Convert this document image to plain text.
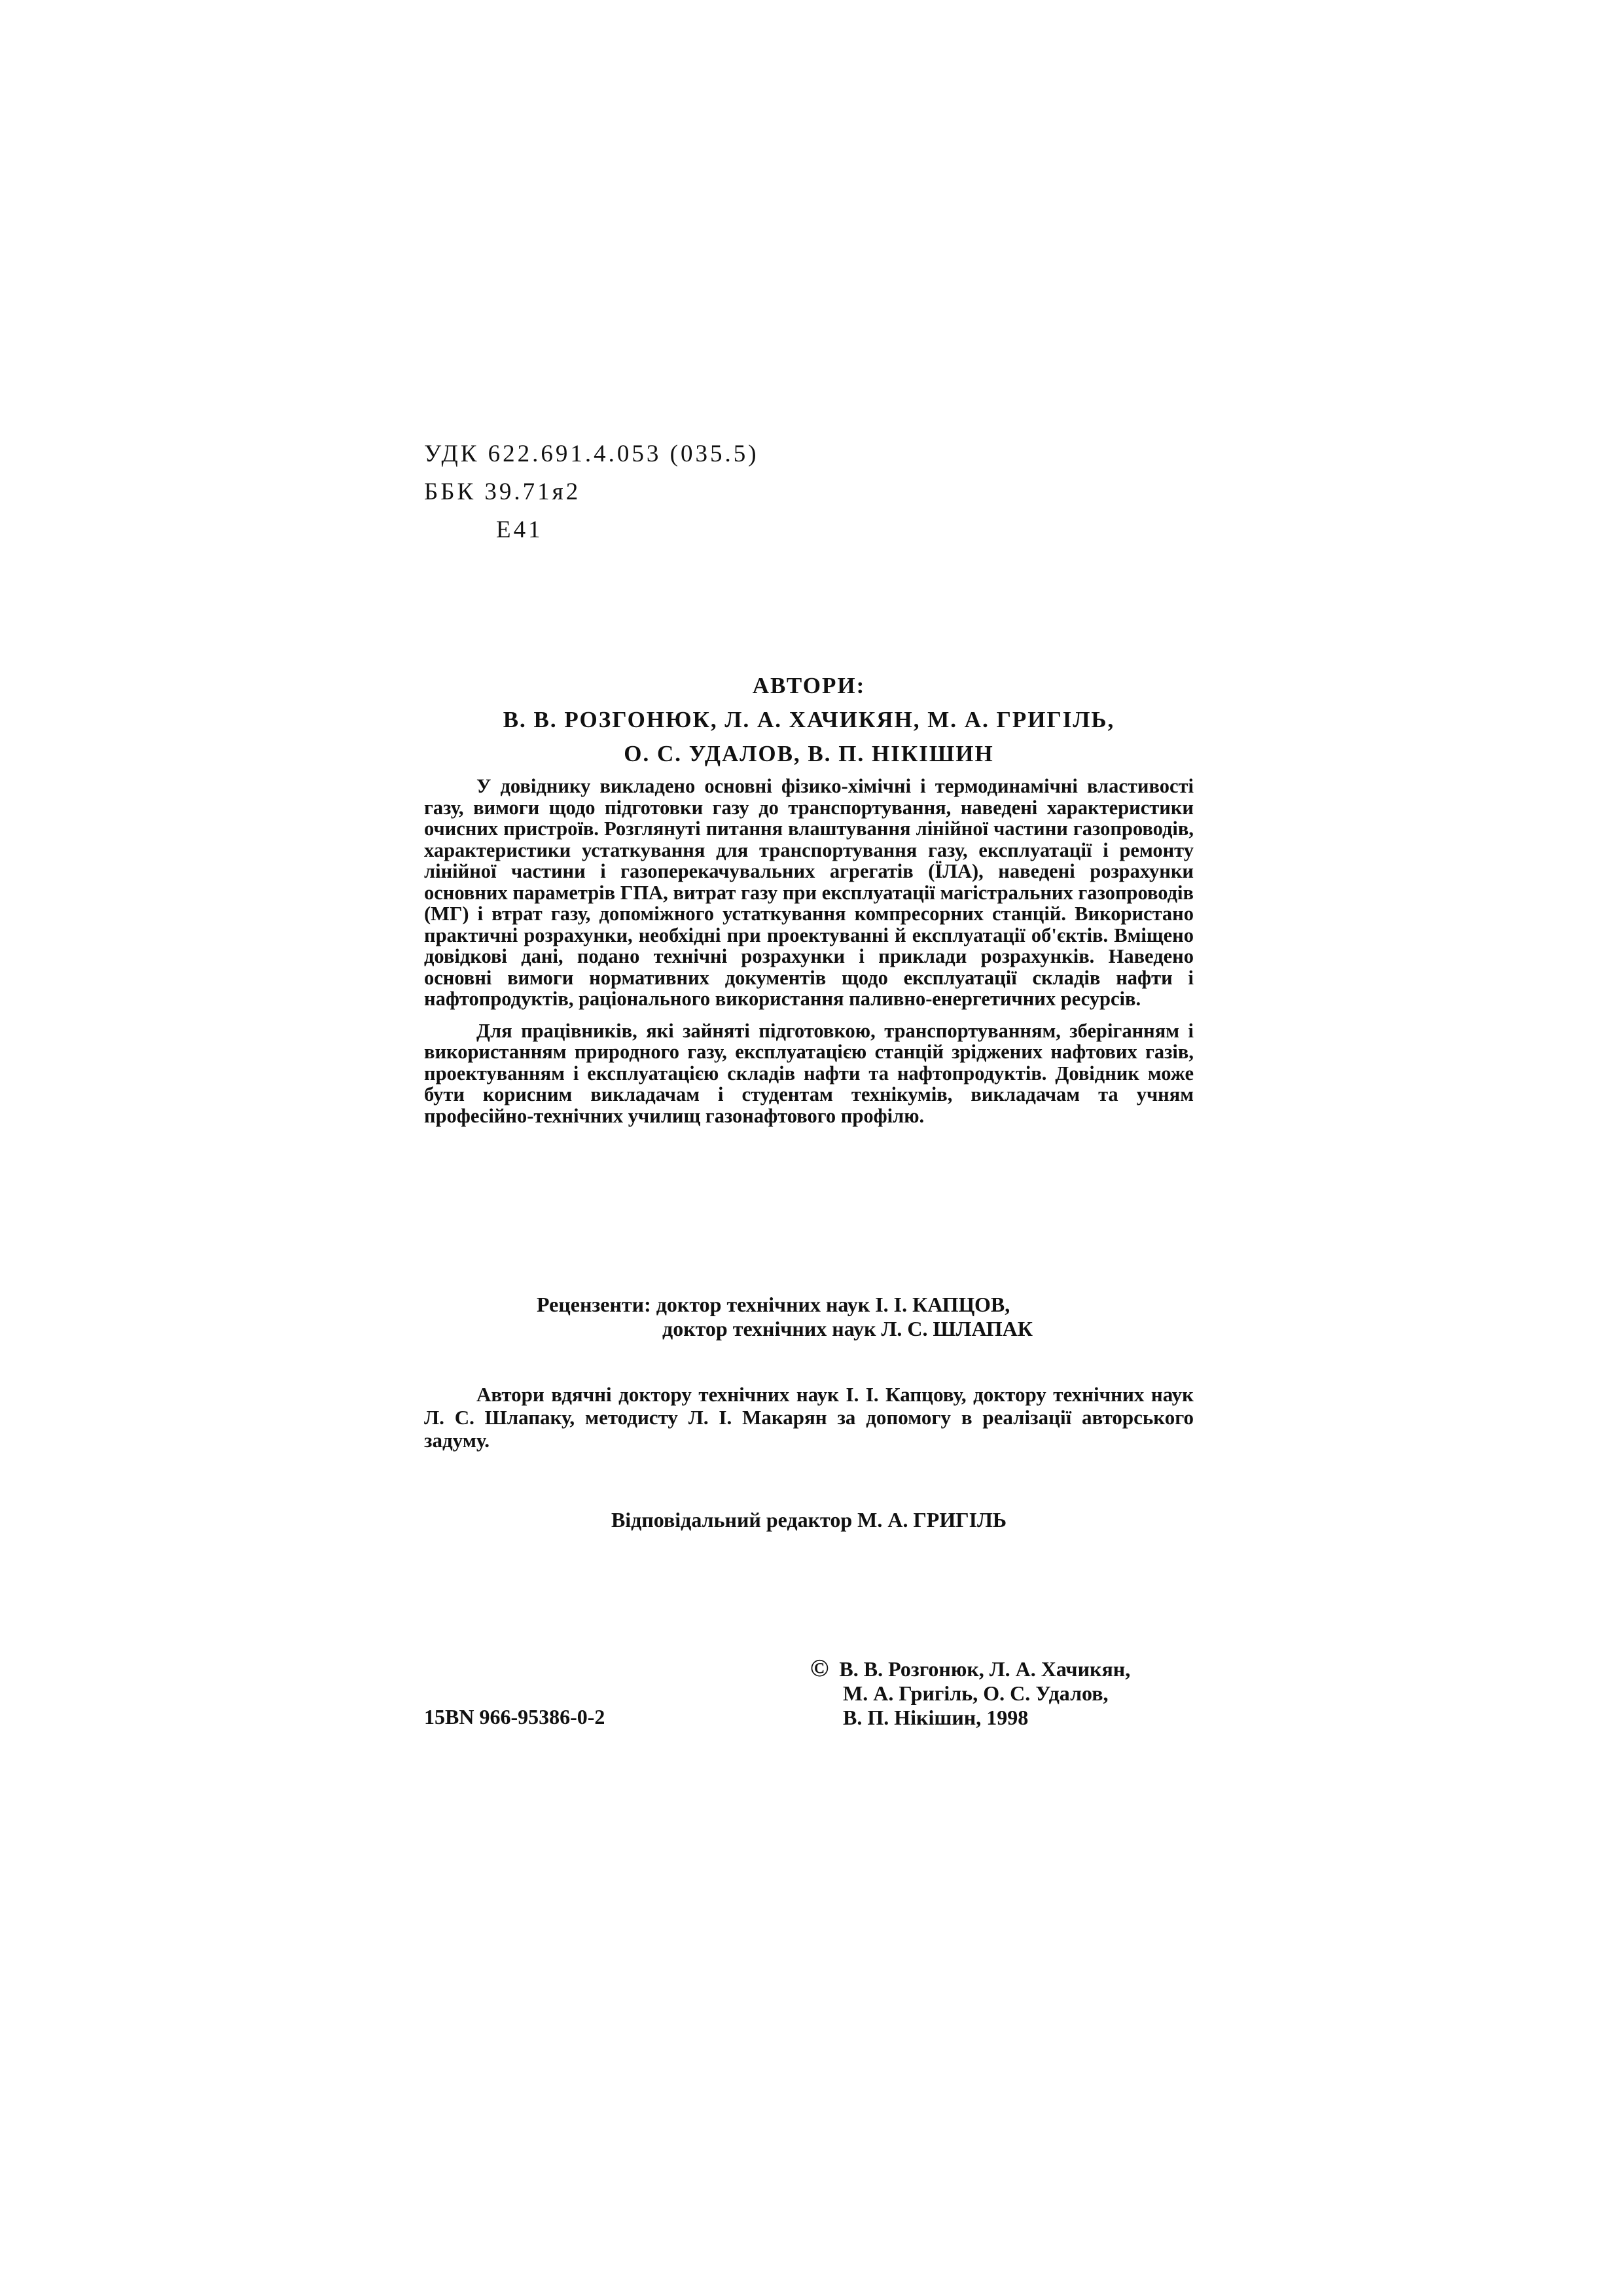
УДК 622.691.4.053 (035.5)
ББК 39.71я2
Е41
АВТОРИ:
В. В. РОЗГОНЮК, Л. А. ХАЧИКЯН, М. А. ГРИГІЛЬ,
О. С. УДАЛОВ, В. П. НІКІШИН

У довіднику викладено основні фізико-хімічні і термодинамічні властивості газу, вимоги щодо підготовки газу до транспортування, наведені характеристики очисних пристроїв. Розглянуті питання влаштування лінійної частини газопроводів, характеристики устаткування для транспортування газу, експлуатації і ремонту лінійної частини і газоперекачувальних агрегатів (ЇЛА), наведені розрахунки основних параметрів ГПА, витрат газу при експлуатації магістральних газопроводів (МГ) і втрат газу, допоміжного устаткування компресорних станцій. Використано практичні розрахунки, необхідні при проектуванні й експлуатації об'єктів. Вміщено довідкові дані, подано технічні розрахунки і приклади розрахунків. Наведено основні вимоги нормативних документів щодо експлуатації складів нафти і нафтопродуктів, раціонального використання паливно-енергетичних ресурсів.

Для працівників, які зайняті підготовкою, транспортуванням, зберіганням і використанням природного газу, експлуатацією станцій зріджених нафтових газів, проектуванням і експлуатацією складів нафти та нафтопродуктів. Довідник може бути корисним викладачам і студентам технікумів, викладачам та учням професійно-технічних училищ газонафтового профілю.

Рецензенти: доктор технічних наук І. І. КАПЦОВ,
доктор технічних наук Л. С. ШЛАПАК

Автори вдячні доктору технічних наук І. І. Капцову, доктору технічних наук Л. С. Шлапаку, методисту Л. І. Макарян за допомогу в реалізації авторського задуму.

Відповідальний редактор М. А. ГРИГІЛЬ
© В. В. Розгонюк, Л. А. Хачикян,
М. А. Григіль, О. С. Удалов,
В. П. Нікішин, 1998
15BN 966-95386-0-2
